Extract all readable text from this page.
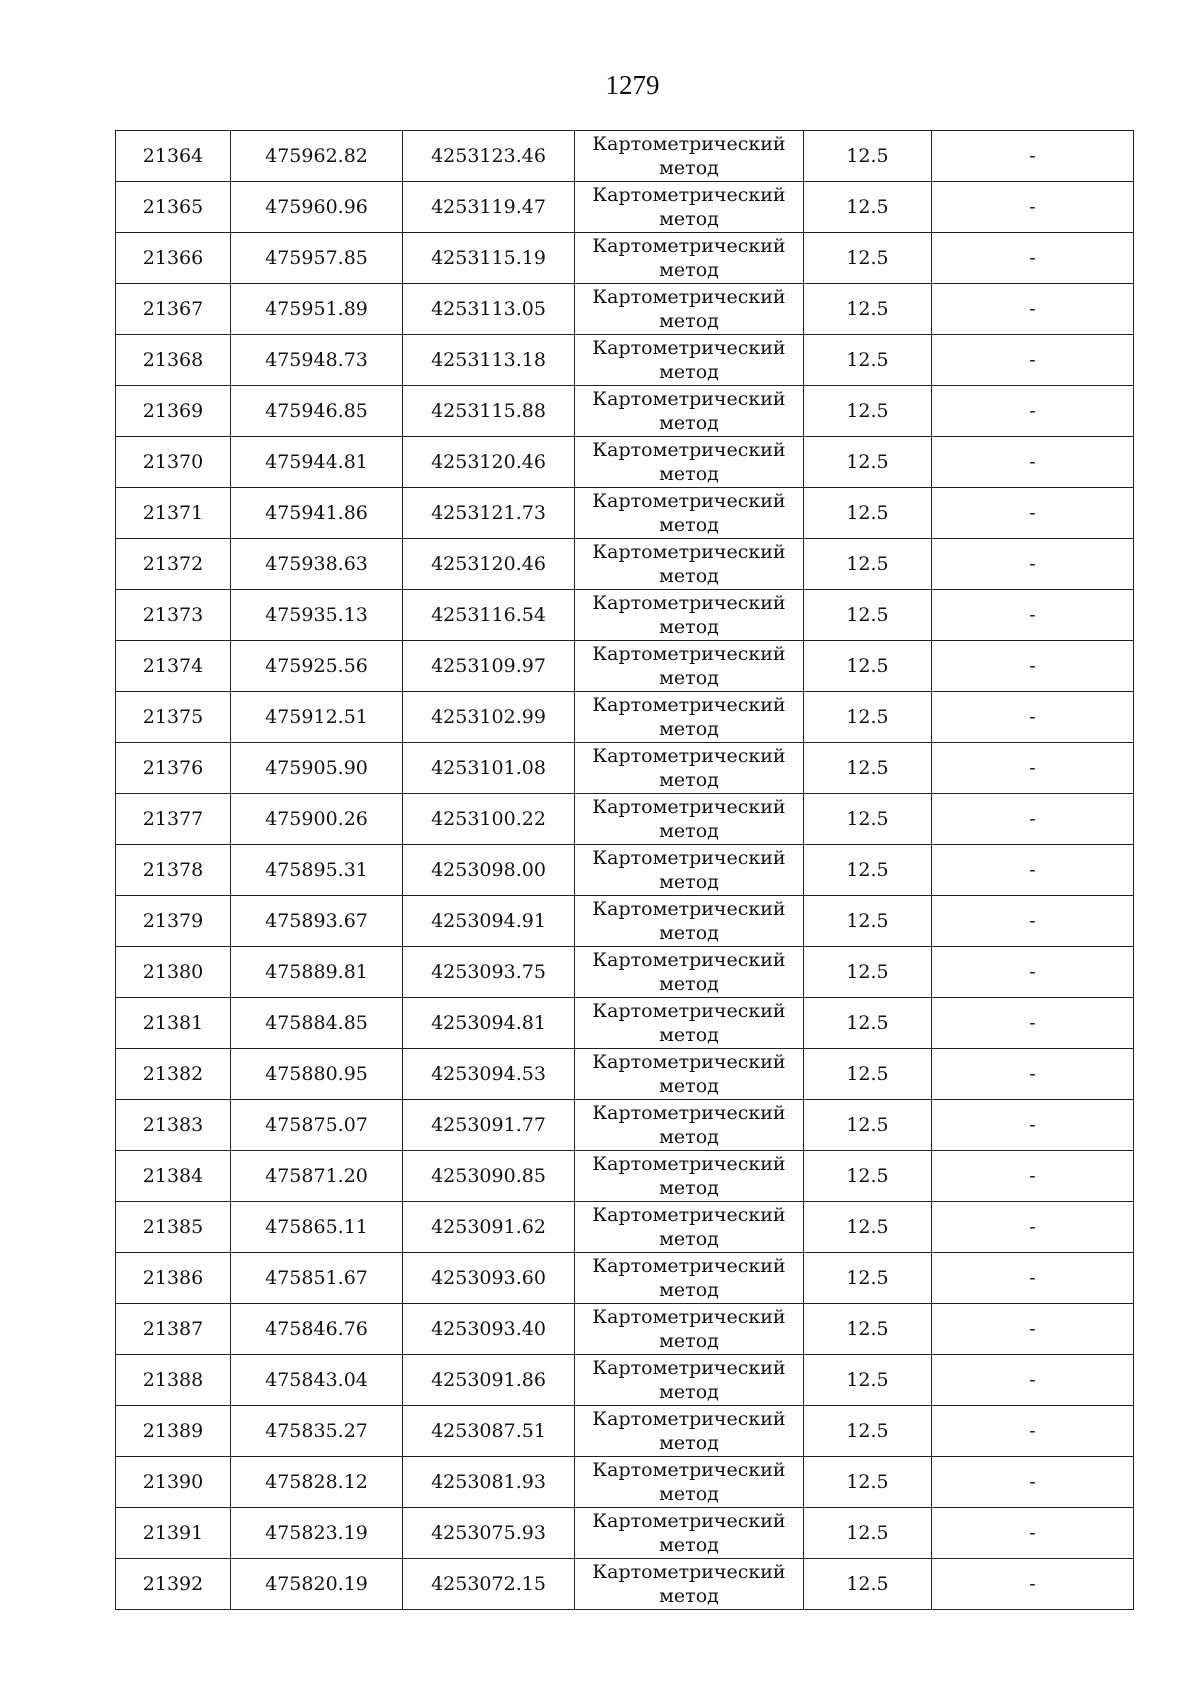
1279
21364	475962.82	4253123.46	Картометрический
метод	12.5	-
21365	475960.96	4253119.47	Картометрический
метод	12.5	-
21366	475957.85	4253115.19	Картометрический
метод	12.5	-
21367	475951.89	4253113.05	Картометрический
метод	12.5	-
21368	475948.73	4253113.18	Картометрический
метод	12.5	-
21369	475946.85	4253115.88	Картометрический
метод	12.5	-
21370	475944.81	4253120.46	Картометрический
метод	12.5	-
21371	475941.86	4253121.73	Картометрический
метод	12.5	-
21372	475938.63	4253120.46	Картометрический
метод	12.5	-
21373	475935.13	4253116.54	Картометрический
метод	12.5	-
21374	475925.56	4253109.97	Картометрический
метод	12.5	-
21375	475912.51	4253102.99	Картометрический
метод	12.5	-
21376	475905.90	4253101.08	Картометрический
метод	12.5	-
21377	475900.26	4253100.22	Картометрический
метод	12.5	-
21378	475895.31	4253098.00	Картометрический
метод	12.5	-
21379	475893.67	4253094.91	Картометрический
метод	12.5	-
21380	475889.81	4253093.75	Картометрический
метод	12.5	-
21381	475884.85	4253094.81	Картометрический
метод	12.5	-
21382	475880.95	4253094.53	Картометрический
метод	12.5	-
21383	475875.07	4253091.77	Картометрический
метод	12.5	-
21384	475871.20	4253090.85	Картометрический
метод	12.5	-
21385	475865.11	4253091.62	Картометрический
метод	12.5	-
21386	475851.67	4253093.60	Картометрический
метод	12.5	-
21387	475846.76	4253093.40	Картометрический
метод	12.5	-
21388	475843.04	4253091.86	Картометрический
метод	12.5	-
21389	475835.27	4253087.51	Картометрический
метод	12.5	-
21390	475828.12	4253081.93	Картометрический
метод	12.5	-
21391	475823.19	4253075.93	Картометрический
метод	12.5	-
21392	475820.19	4253072.15	Картометрический
метод	12.5	-
